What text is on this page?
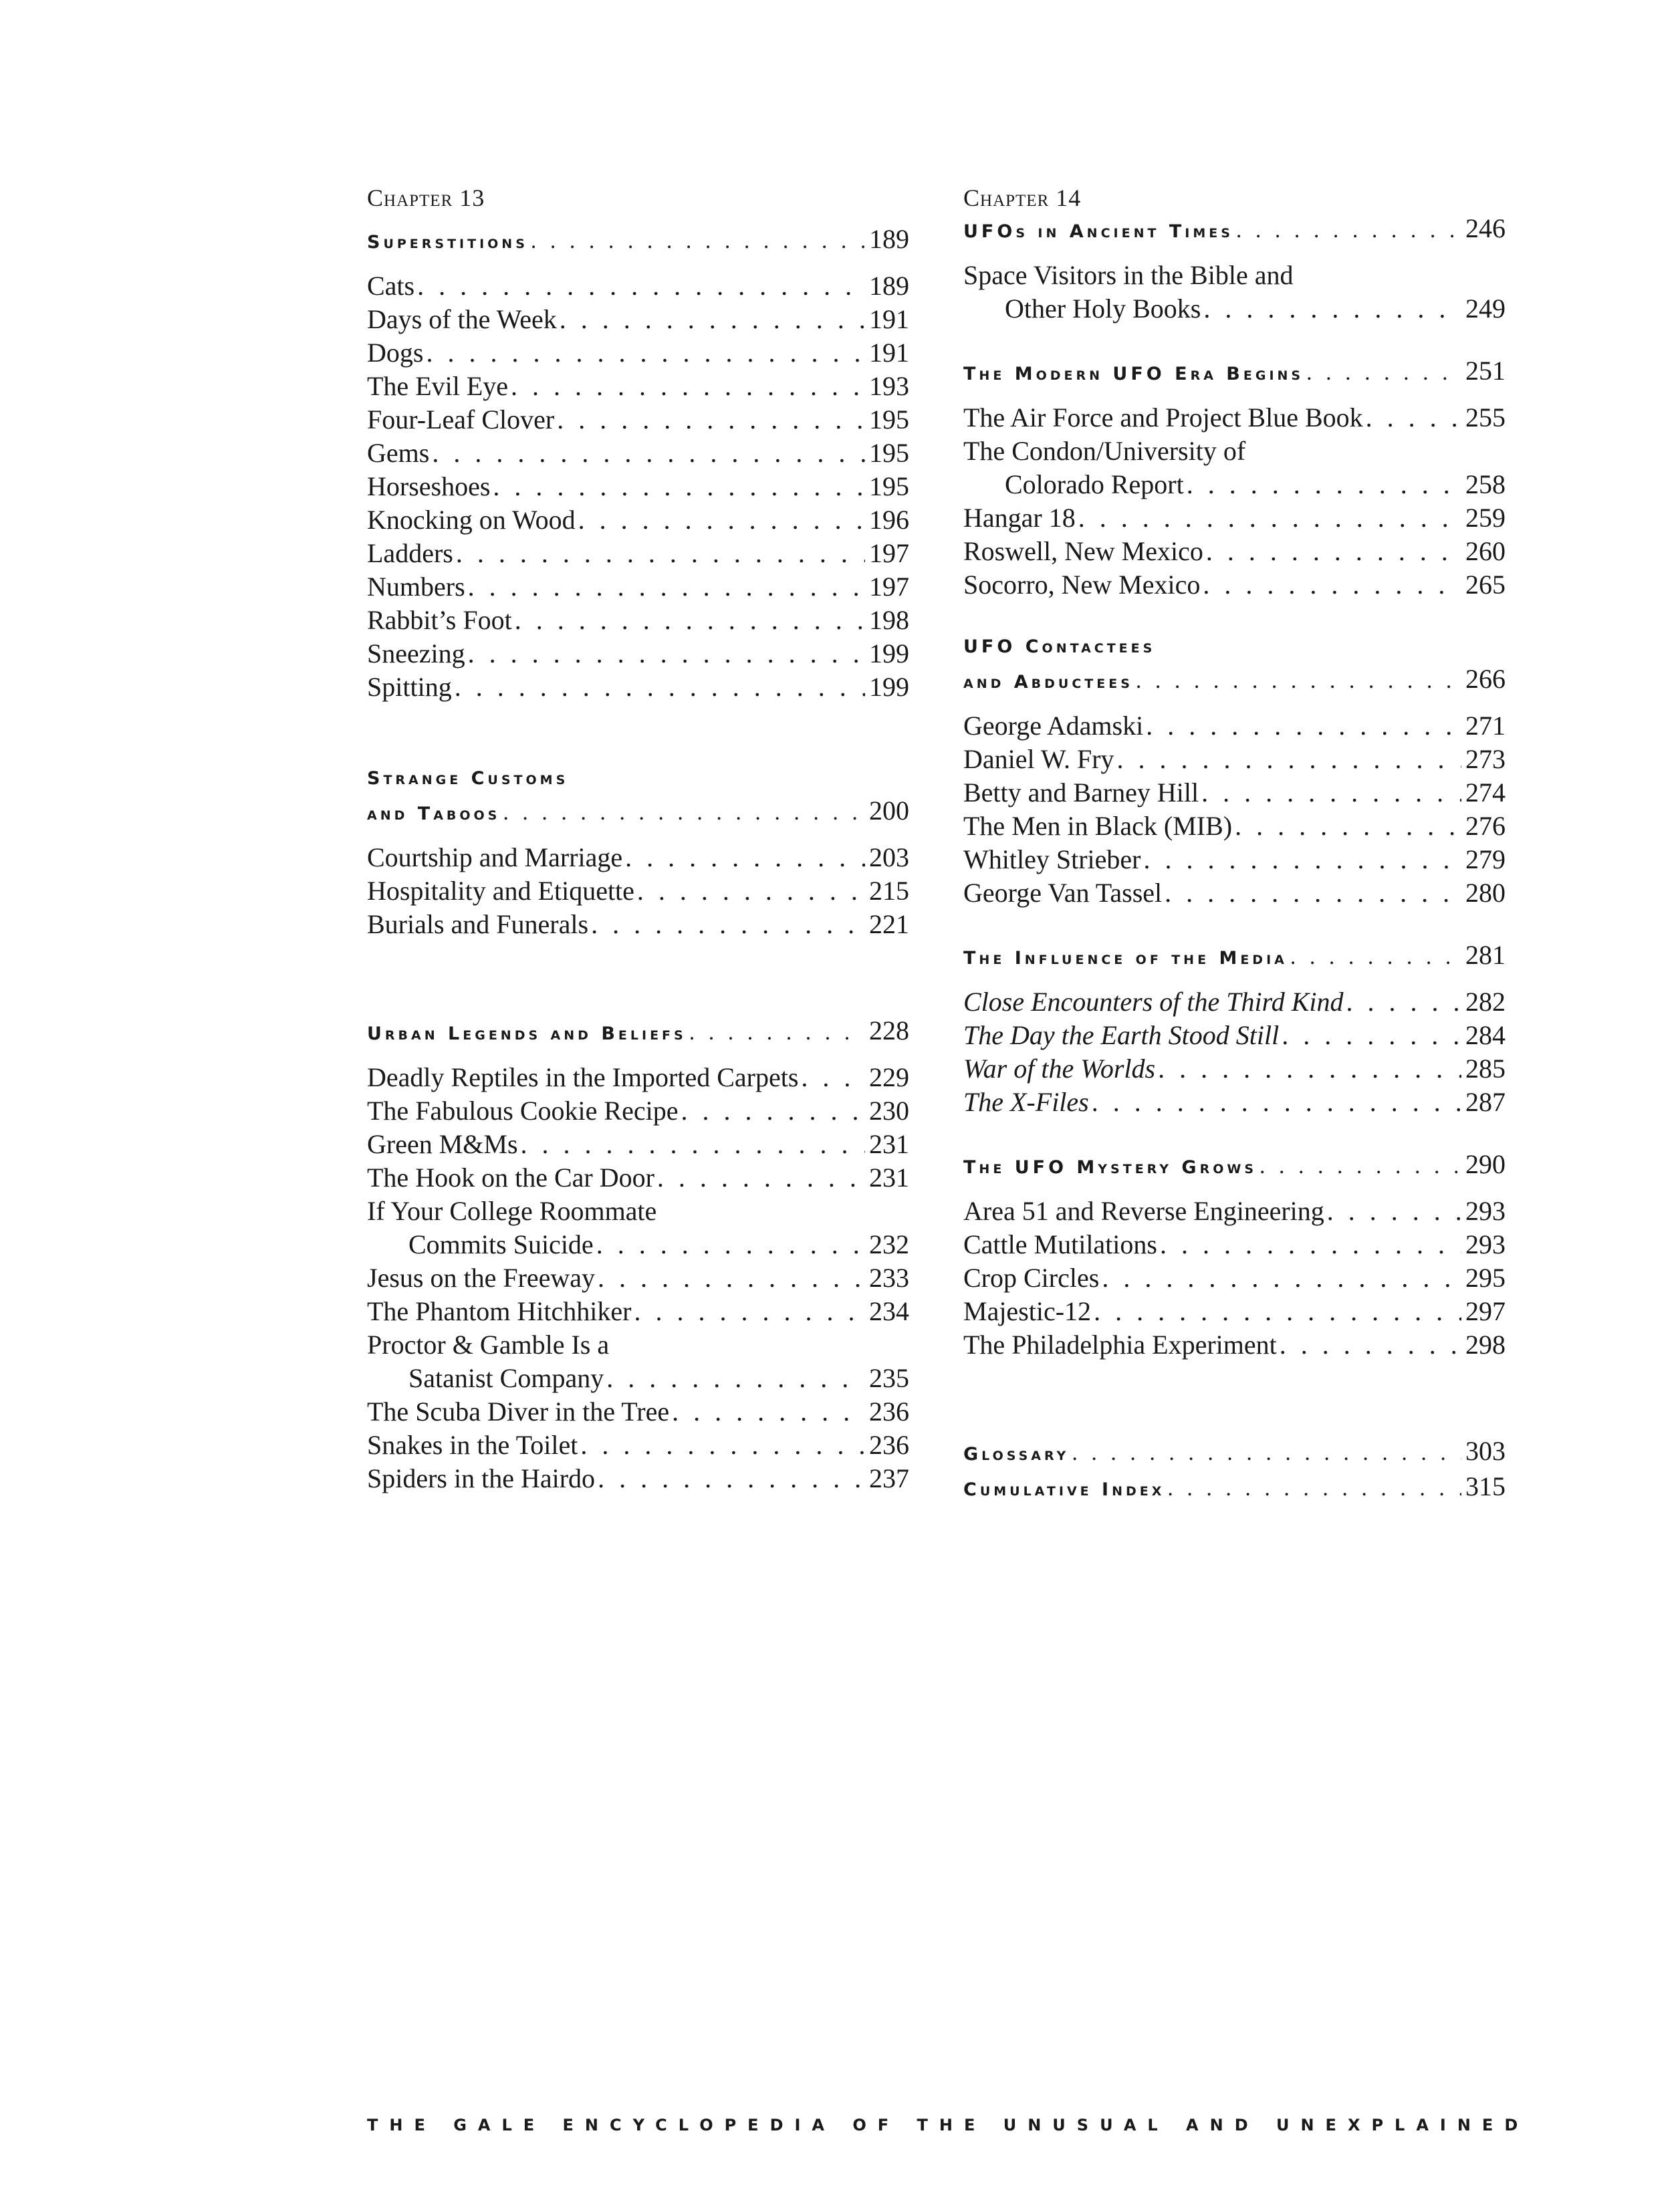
Chapter 13
Superstitions . . .	189
Cats . . .	189
Days of the Week . . .	191
Dogs . . .	191
The Evil Eye . . .	193
Four-Leaf Clover . . .	195
Gems . . .	195
Horseshoes . . .	195
Knocking on Wood . . .	196
Ladders . . .	197
Numbers . . .	197
Rabbit’s Foot . . .	198
Sneezing . . .	199
Spitting . . .	199
Strange Customs
and Taboos . . .	200
Courtship and Marriage . . .	203
Hospitality and Etiquette . . .	215
Burials and Funerals . . .	221
Urban Legends and Beliefs . . .	228
Deadly Reptiles in the Imported Carpets . . .	229
The Fabulous Cookie Recipe . . .	230
Green M&Ms . . .	231
The Hook on the Car Door . . .	231
If Your College Roommate
Commits Suicide . . .	232
Jesus on the Freeway . . .	233
The Phantom Hitchhiker . . .	234
Proctor & Gamble Is a
Satanist Company . . .	235
The Scuba Diver in the Tree . . .	236
Snakes in the Toilet . . .	236
Spiders in the Hairdo . . .	237
Chapter 14
UFOs in Ancient Times . . .	246
Space Visitors in the Bible and
Other Holy Books . . .	249
The Modern UFO Era Begins . . .	251
The Air Force and Project Blue Book . . .	255
The Condon/University of
Colorado Report . . .	258
Hangar 18 . . .	259
Roswell, New Mexico . . .	260
Socorro, New Mexico . . .	265
UFO Contactees
and Abductees . . .	266
George Adamski . . .	271
Daniel W. Fry . . .	273
Betty and Barney Hill . . .	274
The Men in Black (MIB) . . .	276
Whitley Strieber . . .	279
George Van Tassel . . .	280
The Influence of the Media . . .	281
Close Encounters of the Third Kind . . .	282
The Day the Earth Stood Still . . .	284
War of the Worlds . . .	285
The X-Files . . .	287
The UFO Mystery Grows . . .	290
Area 51 and Reverse Engineering . . .	293
Cattle Mutilations . . .	293
Crop Circles . . .	295
Majestic-12 . . .	297
The Philadelphia Experiment . . .	298
Glossary . . .	303
Cumulative Index . . .	315
THE GALE ENCYCLOPEDIA OF THE UNUSUAL AND UNEXPLAINED
